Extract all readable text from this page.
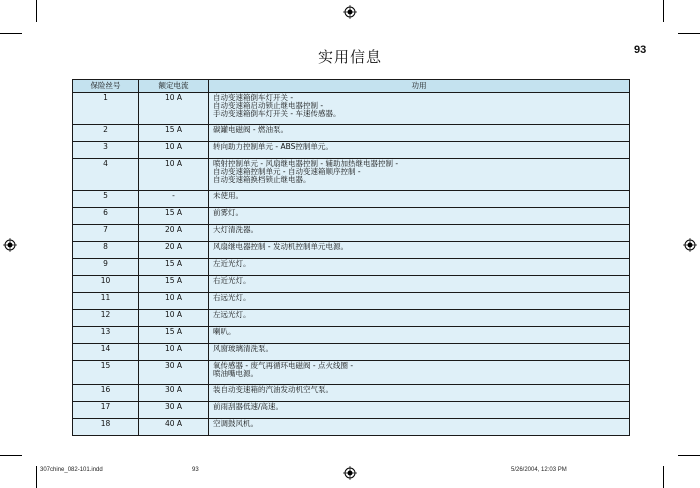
93
实用信息
保险丝号	额定电流	功用
1	10 A	自动变速箱倒车灯开关 -
自动变速箱启动锁止继电器控制 -
手动变速箱倒车灯开关 - 车速传感器。
2	15 A	碳罐电磁阀 - 燃油泵。
3	10 A	转向助力控制单元 - ABS控制单元。
4	10 A	喷射控制单元 - 风扇继电器控制 - 辅助加热继电器控制 -
自动变速箱控制单元 - 自动变速箱顺序控制 -
自动变速箱换档锁止继电器。
5	-	未使用。
6	15 A	前雾灯。
7	20 A	大灯清洗器。
8	20 A	风扇继电器控制 - 发动机控制单元电源。
9	15 A	左近光灯。
10	15 A	右近光灯。
11	10 A	右远光灯。
12	10 A	左远光灯。
13	15 A	喇叭。
14	10 A	风窗玻璃清洗泵。
15	30 A	氧传感器 - 废气再循环电磁阀 - 点火线圈 -
喷油嘴电源。
16	30 A	装自动变速箱的汽油发动机空气泵。
17	30 A	前雨刮器低速/高速。
18	40 A	空调鼓风机。
307chine_082-101.indd	93	5/26/2004, 12:03 PM
